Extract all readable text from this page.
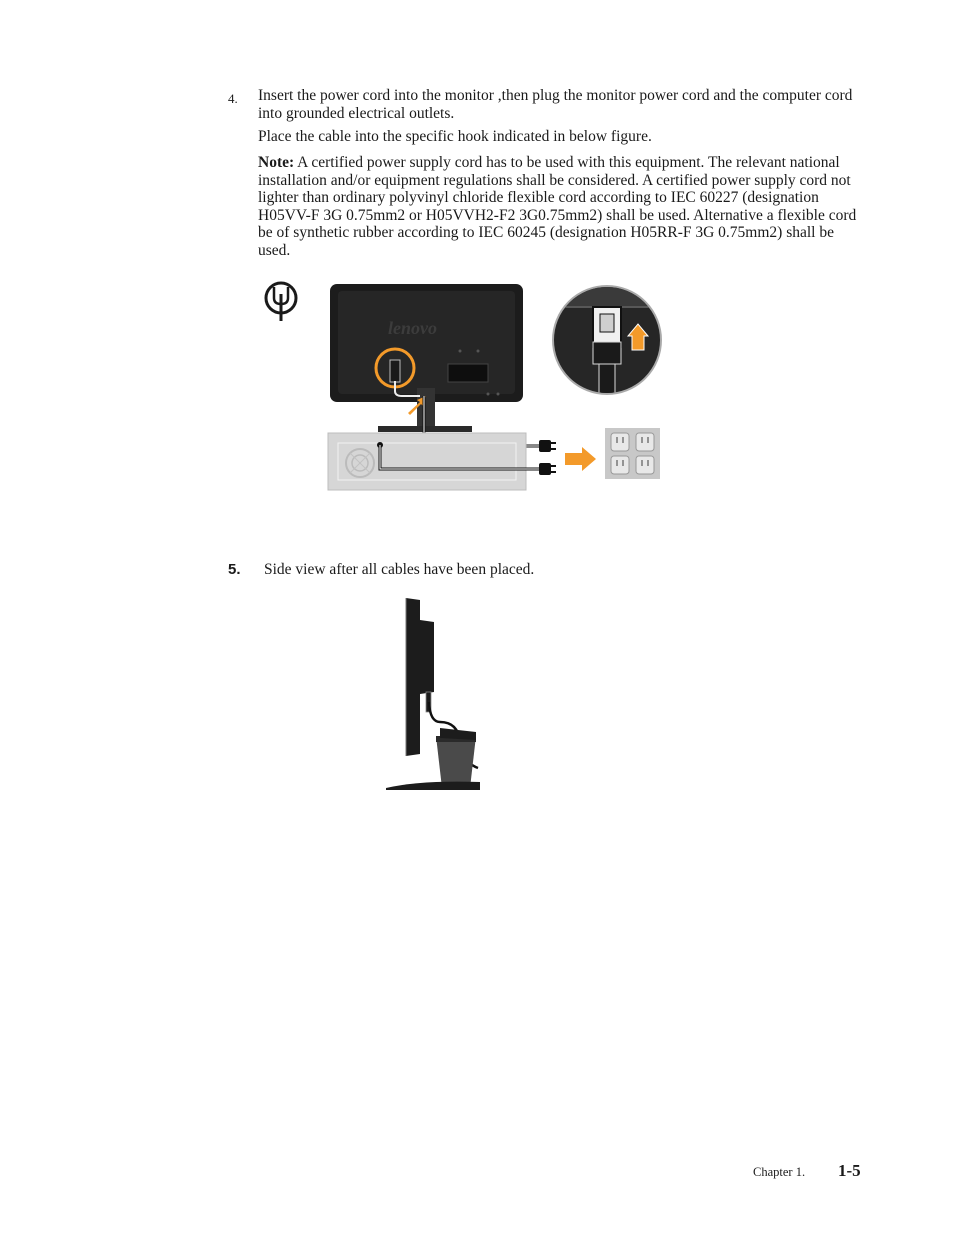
4. Insert the power cord into the monitor ,then plug the monitor power cord and the computer cord into grounded electrical outlets.
Place the cable into the specific hook indicated in below figure.
Note: A certified power supply cord has to be used with this equipment. The relevant national installation and/or equipment regulations shall be considered. A certified power supply cord not lighter than ordinary polyvinyl chloride flexible cord according to IEC 60227 (designation H05VV-F 3G 0.75mm2 or H05VVH2-F2 3G0.75mm2) shall be used. Alternative a flexible cord be of synthetic rubber according to IEC 60245 (designation H05RR-F 3G 0.75mm2) shall be used.
lenovo
5. Side view after all cables have been placed.
Chapter 1. 1-5
